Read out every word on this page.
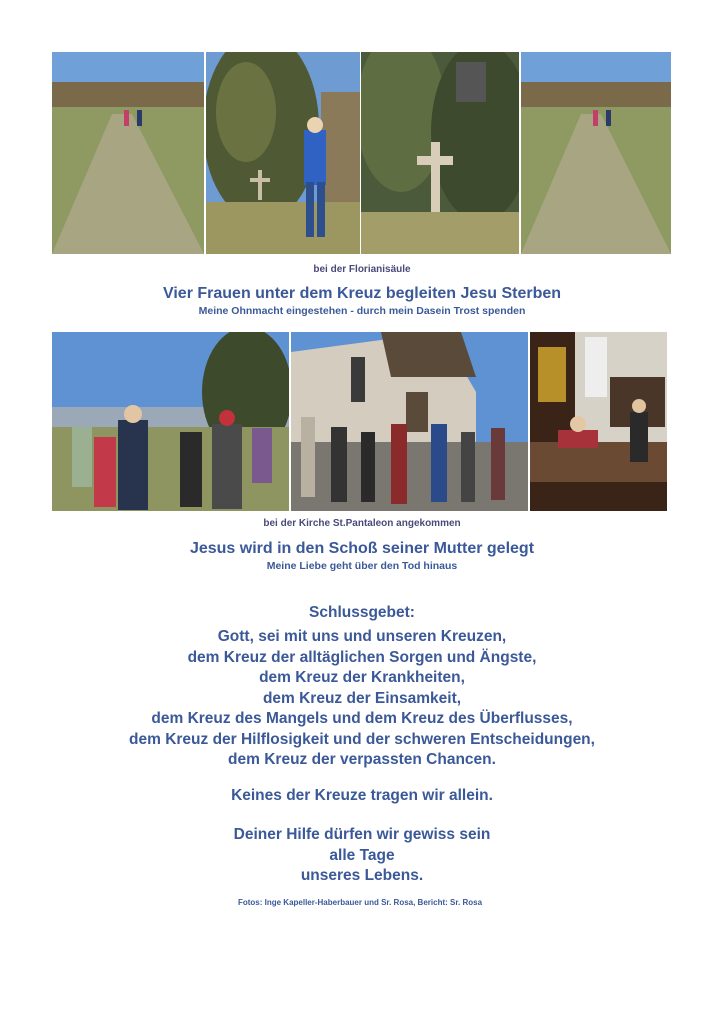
bei der Florianisäule
Vier Frauen unter dem Kreuz begleiten Jesu Sterben
Meine Ohnmacht eingestehen - durch mein Dasein Trost spenden
bei der Kirche St.Pantaleon angekommen
Jesus wird in den Schoß seiner Mutter gelegt
Meine Liebe geht über den Tod hinaus
Schlussgebet:
Gott, sei mit uns und unseren Kreuzen,
dem Kreuz der alltäglichen Sorgen und Ängste,
dem Kreuz der Krankheiten,
dem Kreuz der Einsamkeit,
dem Kreuz des Mangels und dem Kreuz des Überflusses,
dem Kreuz der Hilflosigkeit und der schweren Entscheidungen,
dem Kreuz der verpassten Chancen.
Keines der Kreuze tragen wir allein.
Deiner Hilfe dürfen wir gewiss sein
alle Tage
unseres Lebens.
Fotos: Inge Kapeller-Haberbauer und Sr. Rosa, Bericht: Sr. Rosa
